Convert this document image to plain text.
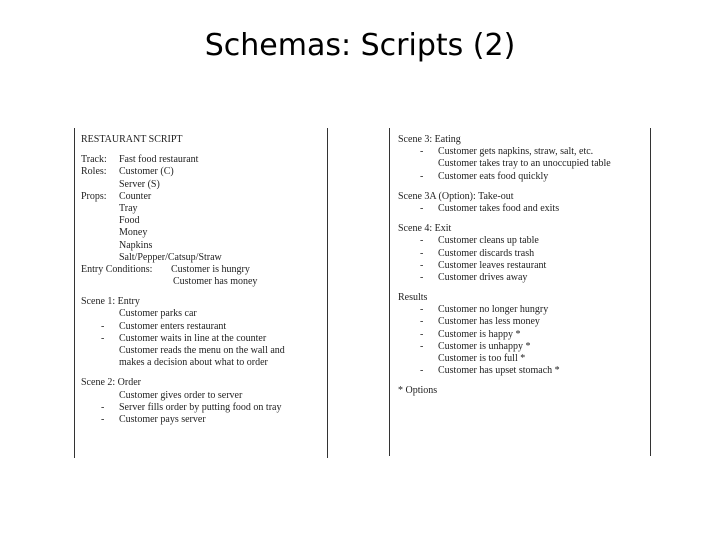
Schemas: Scripts (2)
RESTAURANT SCRIPT
Track: Fast food restaurant
Roles: Customer (C)
Server (S)
Props: Counter
Tray
Food
Money
Napkins
Salt/Pepper/Catsup/Straw
Entry Conditions: Customer is hungry
Customer has money
Scene 1: Entry
Customer parks car
- Customer enters restaurant
- Customer waits in line at the counter
Customer reads the menu on the wall and
makes a decision about what to order
Scene 2: Order
Customer gives order to server
- Server fills order by putting food on tray
- Customer pays server
Scene 3: Eating
- Customer gets napkins, straw, salt, etc.
Customer takes tray to an unoccupied table
- Customer eats food quickly
Scene 3A (Option): Take-out
- Customer takes food and exits
Scene 4: Exit
- Customer cleans up table
- Customer discards trash
- Customer leaves restaurant
- Customer drives away
Results
- Customer no longer hungry
- Customer has less money
- Customer is happy *
- Customer is unhappy *
Customer is too full *
- Customer has upset stomach *
* Options
